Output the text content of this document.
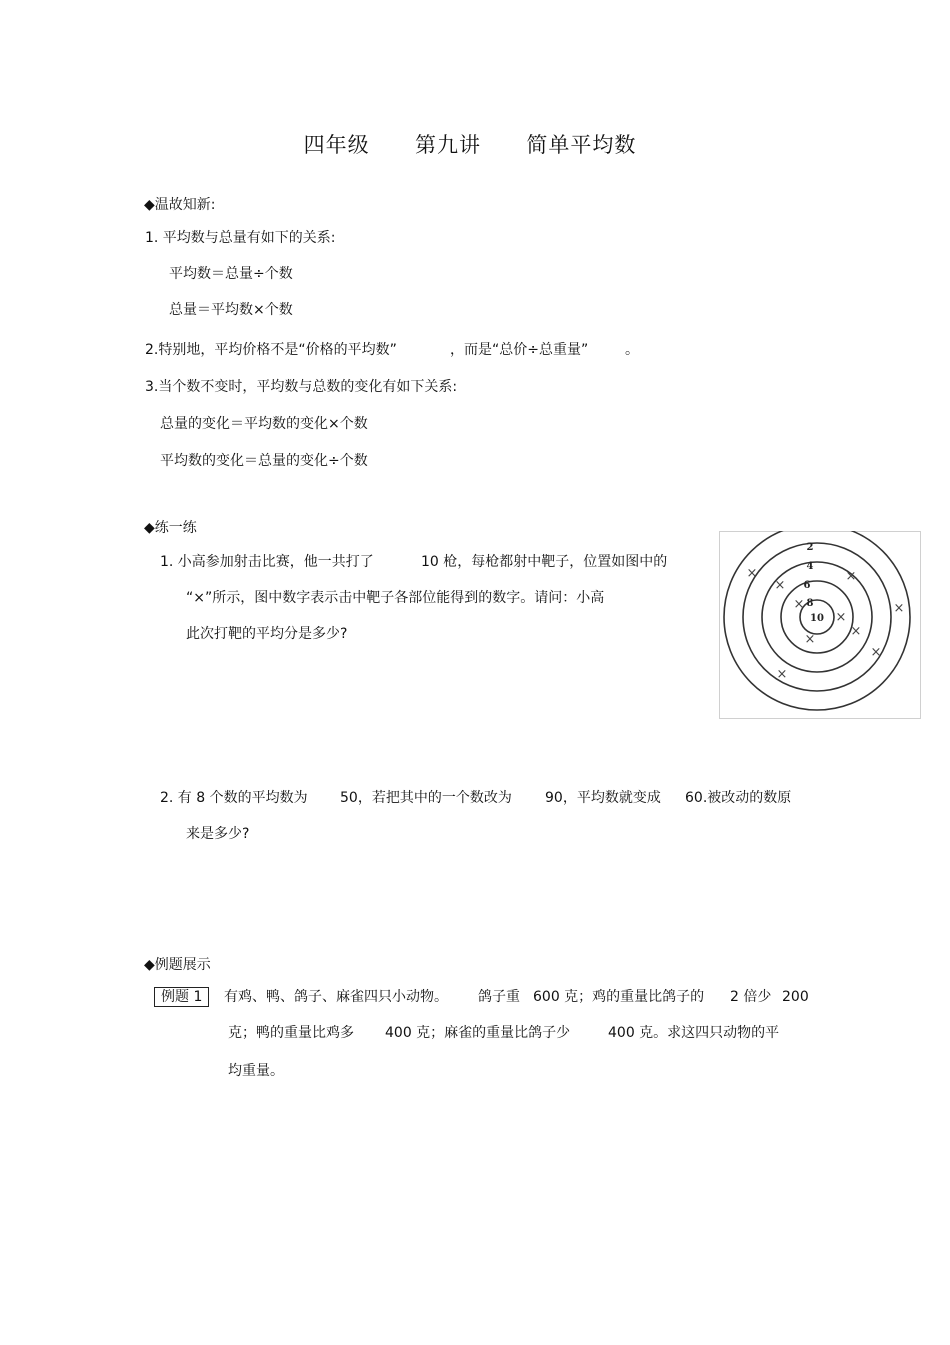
四年级 第九讲 简单平均数
◆温故知新:
1. 平均数与总量有如下的关系:
平均数＝总量÷个数
总量＝平均数×个数
2.特别地，平均价格不是“价格的平均数”	，而是“总价÷总重量”	。
3.当个数不变时，平均数与总数的变化有如下关系:
总量的变化＝平均数的变化×个数
平均数的变化＝总量的变化÷个数
◆练一练
1. 小高参加射击比赛，他一共打了	10 枪，每枪都射中靶子，位置如图中的
“×”所示，图中数字表示击中靶子各部位能得到的数字。请问：小高
此次打靶的平均分是多少?
2
4
6
8
10
×
×
×
×
×
×
×
×
×
×
2. 有 8 个数的平均数为 50，若把其中的一个数改为 90，平均数就变成 60.被改动的数原
来是多少?
◆例题展示
例题 1	有鸡、鸭、鸽子、麻雀四只小动物。 鸽子重 600 克；鸡的重量比鸽子的 2 倍少 200
克；鸭的重量比鸡多 400 克；麻雀的重量比鸽子少	400 克。求这四只动物的平
均重量。
